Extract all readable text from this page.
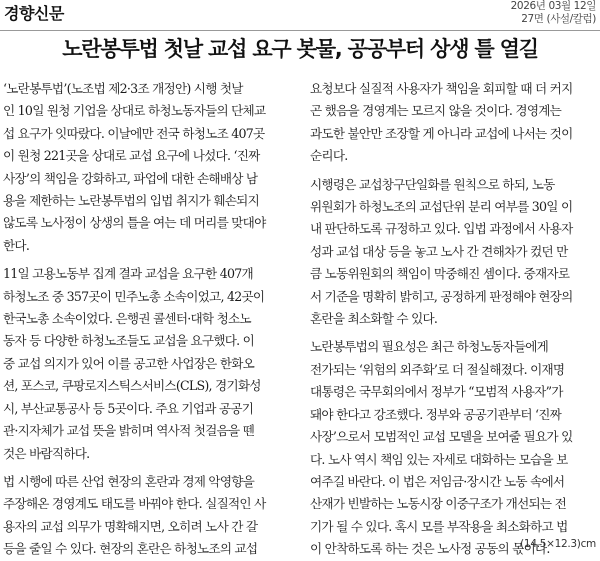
경향신문	2026년 03월 12일
27면 (사설/칼럼)
노란봉투법 첫날 교섭 요구 봇물, 공공부터 상생 틀 열길

‘노란봉투법’(노조법 제2·3조 개정안) 시행 첫날
인 10일 원청 기업을 상대로 하청노동자들의 단체교
섭 요구가 잇따랐다. 이날에만 전국 하청노조 407곳
이 원청 221곳을 상대로 교섭 요구에 나섰다. ‘진짜
사장’의 책임을 강화하고, 파업에 대한 손해배상 남
용을 제한하는 노란봉투법의 입법 취지가 훼손되지
않도록 노사정이 상생의 틀을 여는 데 머리를 맞대야
한다.

11일 고용노동부 집계 결과 교섭을 요구한 407개
하청노조 중 357곳이 민주노총 소속이었고, 42곳이
한국노총 소속이었다. 은행권 콜센터·대학 청소노
동자 등 다양한 하청노조들도 교섭을 요구했다. 이
중 교섭 의지가 있어 이를 공고한 사업장은 한화오
션, 포스코, 쿠팡로지스틱스서비스(CLS), 경기화성
시, 부산교통공사 등 5곳이다. 주요 기업과 공공기
관·지자체가 교섭 뜻을 밝히며 역사적 첫걸음을 뗀
것은 바람직하다.

법 시행에 따른 산업 현장의 혼란과 경제 악영향을
주장해온 경영계도 태도를 바꿔야 한다. 실질적인 사
용자의 교섭 의무가 명확해지면, 오히려 노사 간 갈
등을 줄일 수 있다. 현장의 혼란은 하청노조의 교섭

요청보다 실질적 사용자가 책임을 회피할 때 더 커지
곤 했음을 경영계는 모르지 않을 것이다. 경영계는
과도한 불안만 조장할 게 아니라 교섭에 나서는 것이
순리다.

시행령은 교섭창구단일화를 원칙으로 하되, 노동
위원회가 하청노조의 교섭단위 분리 여부를 30일 이
내 판단하도록 규정하고 있다. 입법 과정에서 사용자
성과 교섭 대상 등을 놓고 노사 간 견해차가 컸던 만
큼 노동위원회의 책임이 막중해진 셈이다. 중재자로
서 기준을 명확히 밝히고, 공정하게 판정해야 현장의
혼란을 최소화할 수 있다.

노란봉투법의 필요성은 최근 하청노동자들에게
전가되는 ‘위험의 외주화’로 더 절실해졌다. 이재명
대통령은 국무회의에서 정부가 “모범적 사용자”가
돼야 한다고 강조했다. 정부와 공공기관부터 ‘진짜
사장’으로서 모범적인 교섭 모델을 보여줄 필요가 있
다. 노사 역시 책임 있는 자세로 대화하는 모습을 보
여주길 바란다. 이 법은 저임금·장시간 노동 속에서
산재가 빈발하는 노동시장 이중구조가 개선되는 전
기가 될 수 있다. 혹시 모를 부작용을 최소화하고 법
이 안착하도록 하는 것은 노사정 공동의 몫이다.

(14.5×12.3)cm
